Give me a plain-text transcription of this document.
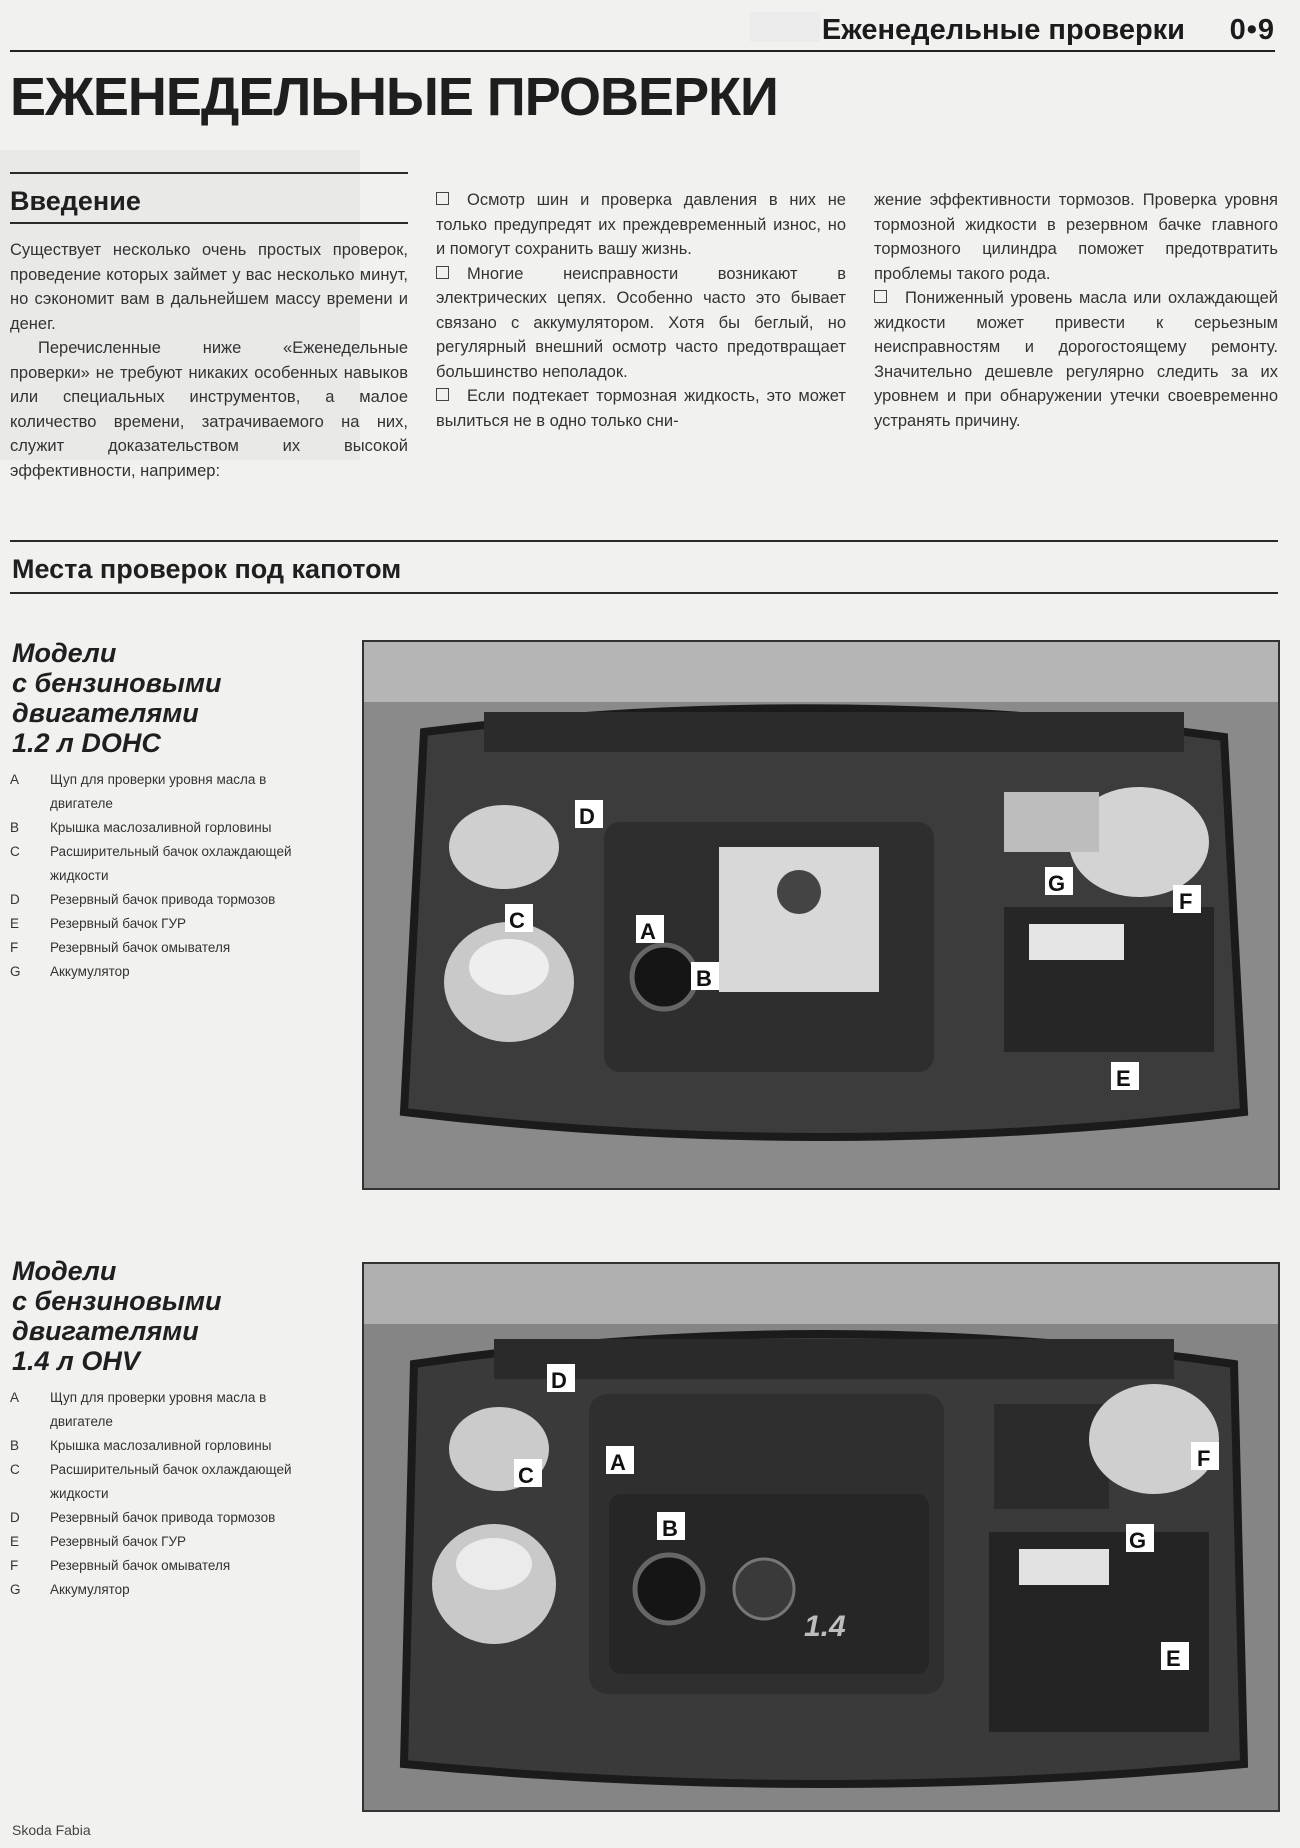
Еженедельные проверки 0•9
ЕЖЕНЕДЕЛЬНЫЕ ПРОВЕРКИ
Введение

Существует несколько очень простых проверок, проведение которых займет у вас несколько минут, но сэкономит вам в дальнейшем массу времени и денег.

Перечисленные ниже «Еженедельные проверки» не требуют никаких особенных навыков или специальных инструментов, а малое количество времени, затрачиваемого на них, служит доказательством их высокой эффективности, например:

Осмотр шин и проверка давления в них не только предупредят их преждевременный износ, но и помогут сохранить вашу жизнь.

Многие неисправности возникают в электрических цепях. Особенно часто это бывает связано с аккумулятором. Хотя бы беглый, но регулярный внешний осмотр часто предотвращает большинство неполадок.

Если подтекает тормозная жидкость, это может вылиться не в одно только сни-

жение эффективности тормозов. Проверка уровня тормозной жидкости в резервном бачке главного тормозного цилиндра поможет предотвратить проблемы такого рода.

Пониженный уровень масла или охлаждающей жидкости может привести к серьезным неисправностям и дорогостоящему ремонту. Значительно дешевле регулярно следить за их уровнем и при обнаружении утечки своевременно устранять причину.

Места проверок под капотом
Модели
с бензиновыми
двигателями
1.2 л DOHC
A	Щуп для проверки уровня масла в двигателе
B	Крышка маслозаливной горловины
C	Расширительный бачок охлаждающей жидкости
D	Резервный бачок привода тормозов
E	Резервный бачок ГУР
F	Резервный бачок омывателя
G	Аккумулятор
A
B
C
D
E
F
G
Модели
с бензиновыми
двигателями
1.4 л OHV
A	Щуп для проверки уровня масла в двигателе
B	Крышка маслозаливной горловины
C	Расширительный бачок охлаждающей жидкости
D	Резервный бачок привода тормозов
E	Резервный бачок ГУР
F	Резервный бачок омывателя
G	Аккумулятор
1.4
A
B
C
D
E
F
G
Skoda Fabia
